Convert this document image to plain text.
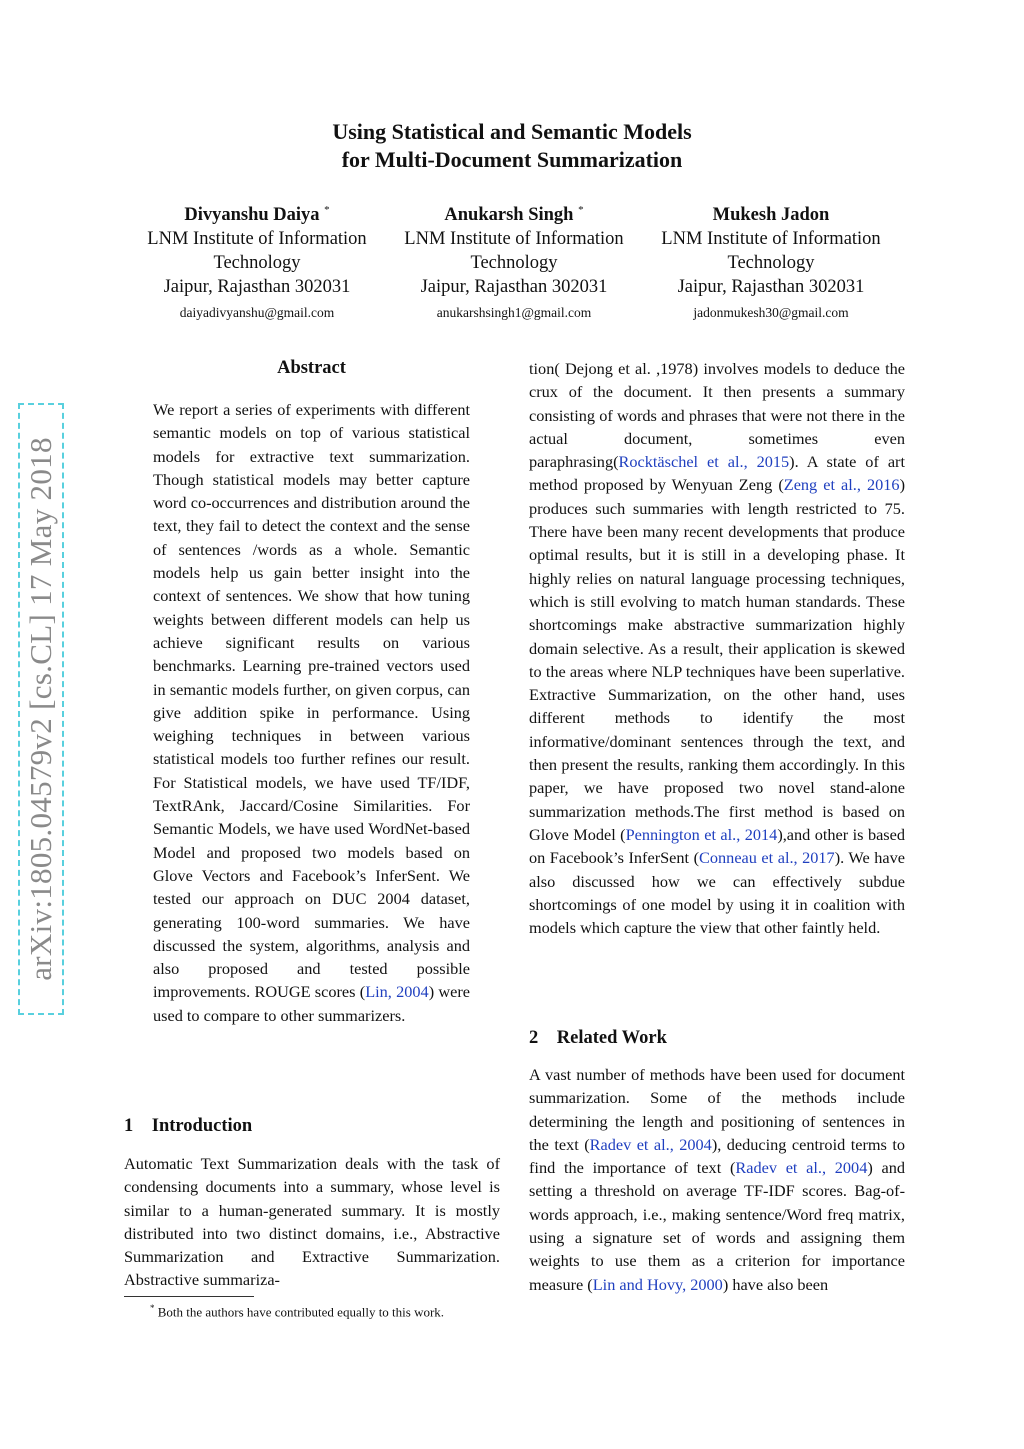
arXiv:1805.04579v2 [cs.CL] 17 May 2018
Using Statistical and Semantic Models
for Multi-Document Summarization
Divyanshu Daiya *
LNM Institute of Information
Technology
Jaipur, Rajasthan 302031
daiyadivyanshu@gmail.com
Anukarsh Singh *
LNM Institute of Information
Technology
Jaipur, Rajasthan 302031
anukarshsingh1@gmail.com
Mukesh Jadon
LNM Institute of Information
Technology
Jaipur, Rajasthan 302031
jadonmukesh30@gmail.com
Abstract
We report a series of experiments with different semantic models on top of various statistical models for extractive text summarization. Though statistical models may better capture word co-occurrences and distribution around the text, they fail to detect the context and the sense of sentences /words as a whole. Semantic models help us gain better insight into the context of sentences. We show that how tuning weights between different models can help us achieve significant results on various benchmarks. Learning pre-trained vectors used in semantic models further, on given corpus, can give addition spike in performance. Using weighing techniques in between various statistical models too further refines our result. For Statistical models, we have used TF/IDF, TextRAnk, Jaccard/Cosine Similarities. For Semantic Models, we have used WordNet-based Model and proposed two models based on Glove Vectors and Facebook’s InferSent. We tested our approach on DUC 2004 dataset, generating 100-word summaries. We have discussed the system, algorithms, analysis and also proposed and tested possible improvements. ROUGE scores (Lin, 2004) were used to compare to other summarizers.
1 Introduction
Automatic Text Summarization deals with the task of condensing documents into a summary, whose level is similar to a human-generated summary. It is mostly distributed into two distinct domains, i.e., Abstractive Summarization and Extractive Summarization. Abstractive summariza-
* Both the authors have contributed equally to this work.
tion( Dejong et al. ,1978) involves models to deduce the crux of the document. It then presents a summary consisting of words and phrases that were not there in the actual document, sometimes even paraphrasing(Rocktäschel et al., 2015). A state of art method proposed by Wenyuan Zeng (Zeng et al., 2016) produces such summaries with length restricted to 75. There have been many recent developments that produce optimal results, but it is still in a developing phase. It highly relies on natural language processing techniques, which is still evolving to match human standards. These shortcomings make abstractive summarization highly domain selective. As a result, their application is skewed to the areas where NLP techniques have been superlative. Extractive Summarization, on the other hand, uses different methods to identify the most informative/dominant sentences through the text, and then present the results, ranking them accordingly. In this paper, we have proposed two novel stand-alone summarization methods.The first method is based on Glove Model (Pennington et al., 2014),and other is based on Facebook’s InferSent (Conneau et al., 2017). We have also discussed how we can effectively subdue shortcomings of one model by using it in coalition with models which capture the view that other faintly held.
2 Related Work
A vast number of methods have been used for document summarization. Some of the methods include determining the length and positioning of sentences in the text (Radev et al., 2004), deducing centroid terms to find the importance of text (Radev et al., 2004) and setting a threshold on average TF-IDF scores. Bag-of-words approach, i.e., making sentence/Word freq matrix, using a signature set of words and assigning them weights to use them as a criterion for importance measure (Lin and Hovy, 2000) have also been
